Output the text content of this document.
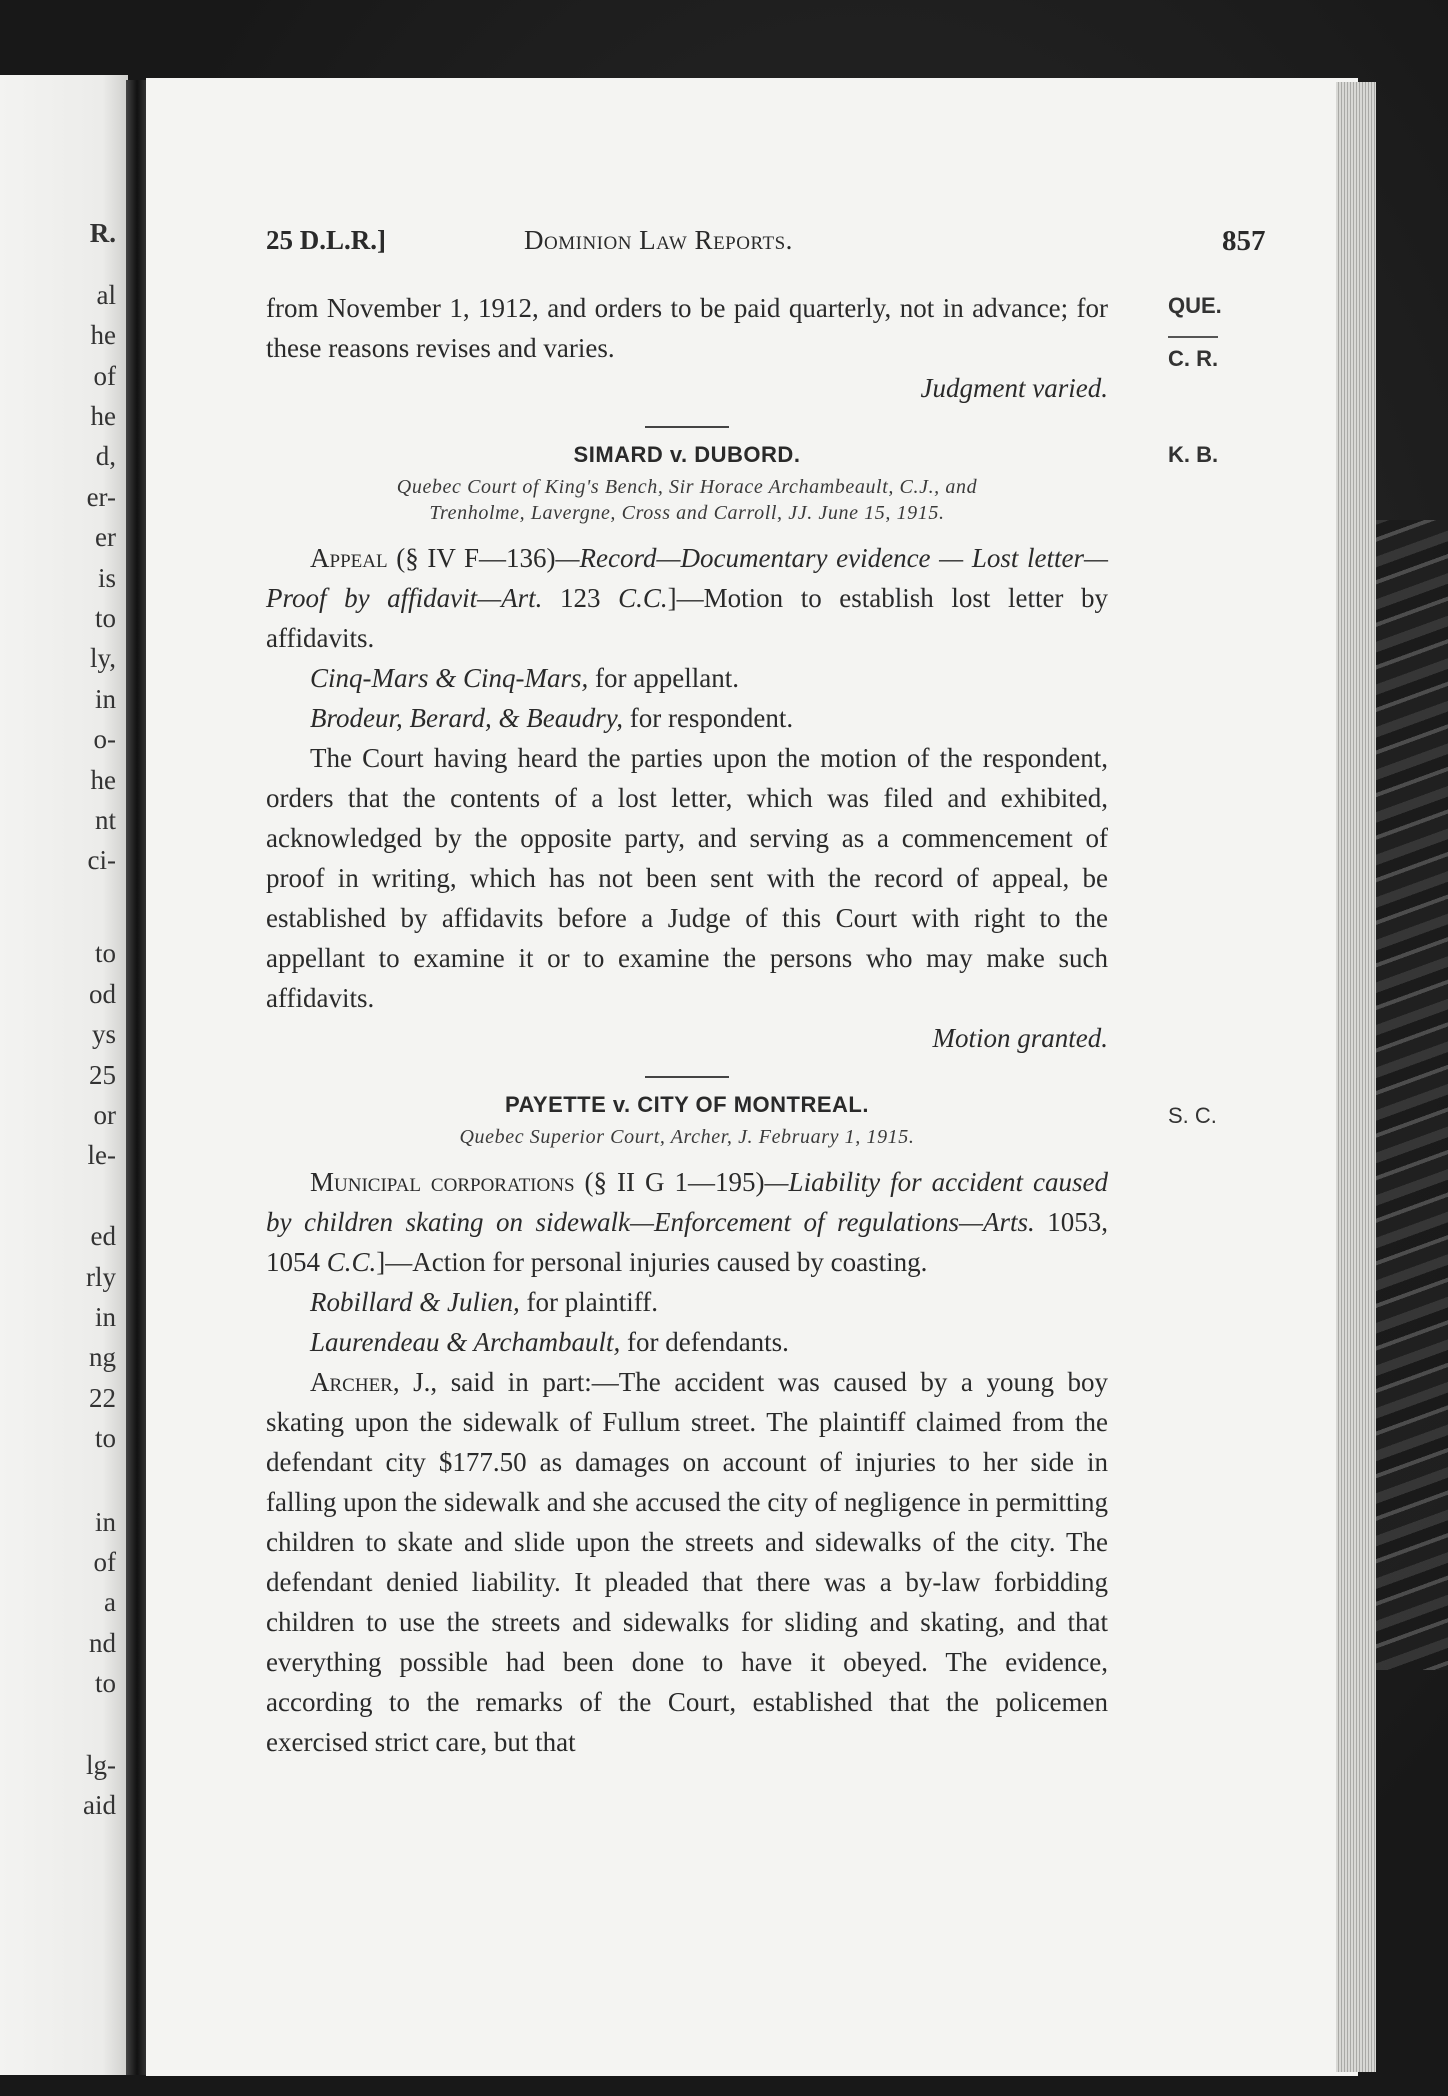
R.
al
he
of
he
d,
er-
er
is
to
ly,
in
o-
he
nt
ci-
to
od
ys
25
or
le-
ed
rly
in
ng
22
to
in
of
a
nd
to
lg-
aid
25 D.L.R.]	Dominion Law Reports.	857
QUE.
C. R.
K. B.
S. C.

from November 1, 1912, and orders to be paid quarterly, not in advance; for these reasons revises and varies.

Judgment varied.

SIMARD v. DUBORD.

Quebec Court of King's Bench, Sir Horace Archambeault, C.J., and
Trenholme, Lavergne, Cross and Carroll, JJ. June 15, 1915.

Appeal (§ IV F—136)—Record—Documentary evidence — Lost letter—Proof by affidavit—Art. 123 C.C.]—Motion to establish lost letter by affidavits.

Cinq-Mars & Cinq-Mars, for appellant.

Brodeur, Berard, & Beaudry, for respondent.

The Court having heard the parties upon the motion of the respondent, orders that the contents of a lost letter, which was filed and exhibited, acknowledged by the opposite party, and serving as a commencement of proof in writing, which has not been sent with the record of appeal, be established by affidavits before a Judge of this Court with right to the appellant to examine it or to examine the persons who may make such affidavits.

Motion granted.

PAYETTE v. CITY OF MONTREAL.

Quebec Superior Court, Archer, J. February 1, 1915.

Municipal corporations (§ II G 1—195)—Liability for accident caused by children skating on sidewalk—Enforcement of regulations—Arts. 1053, 1054 C.C.]—Action for personal injuries caused by coasting.

Robillard & Julien, for plaintiff.

Laurendeau & Archambault, for defendants.

Archer, J., said in part:—The accident was caused by a young boy skating upon the sidewalk of Fullum street. The plaintiff claimed from the defendant city $177.50 as damages on account of injuries to her side in falling upon the sidewalk and she accused the city of negligence in permitting children to skate and slide upon the streets and sidewalks of the city. The defendant denied liability. It pleaded that there was a by-law forbidding children to use the streets and sidewalks for sliding and skating, and that everything possible had been done to have it obeyed. The evidence, according to the remarks of the Court, established that the policemen exercised strict care, but that
